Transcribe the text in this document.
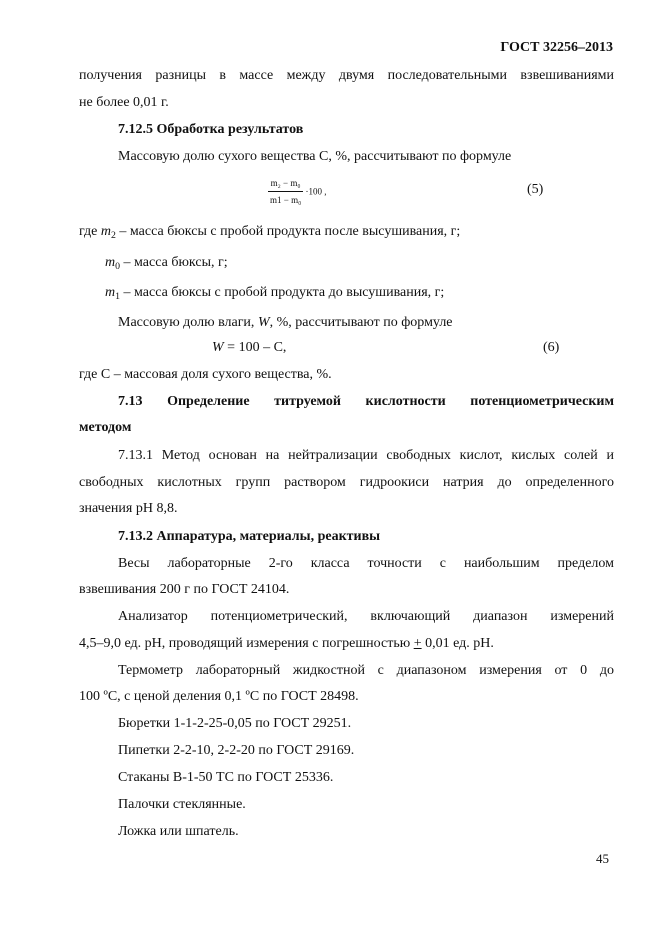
ГОСТ 32256–2013
получения разницы в массе между двумя последовательными взвешиваниями
не более 0,01 г.
7.12.5 Обработка результатов
Массовую долю сухого вещества C, %, рассчитывают по формуле
$\frac{\text{m₂ − m₀}}{\text{m1 − m₀}} \cdot 100$ ,	(5)
где $m_2$ – масса бюксы с пробой продукта после высушивания, г;
$m_0$ – масса бюксы, г;
$m_1$ – масса бюксы с пробой продукта до высушивания, г;
Массовую долю влаги, W, %, рассчитывают по формуле
W = 100 – С,	(6)
где С – массовая доля сухого вещества, %.
7.13 Определение титруемой кислотности потенциометрическим
методом
7.13.1 Метод основан на нейтрализации свободных кислот, кислых солей и
свободных кислотных групп раствором гидроокиси натрия до определенного
значения pH 8,8.
7.13.2 Аппаратура, материалы, реактивы
Весы лабораторные 2-го класса точности с наибольшим пределом
взвешивания 200 г по ГОСТ 24104.
Анализатор потенциометрический, включающий диапазон измерений
4,5–9,0 ед. pH, проводящий измерения с погрешностью + 0,01 ед. pH.
Термометр лабораторный жидкостной с диапазоном измерения от 0 до
100 ºС, с ценой деления 0,1 ºС по ГОСТ 28498.
Бюретки 1-1-2-25-0,05 по ГОСТ 29251.
Пипетки 2-2-10, 2-2-20 по ГОСТ 29169.
Стаканы В-1-50 ТС по ГОСТ 25336.
Палочки стеклянные.
Ложка или шпатель.
45
